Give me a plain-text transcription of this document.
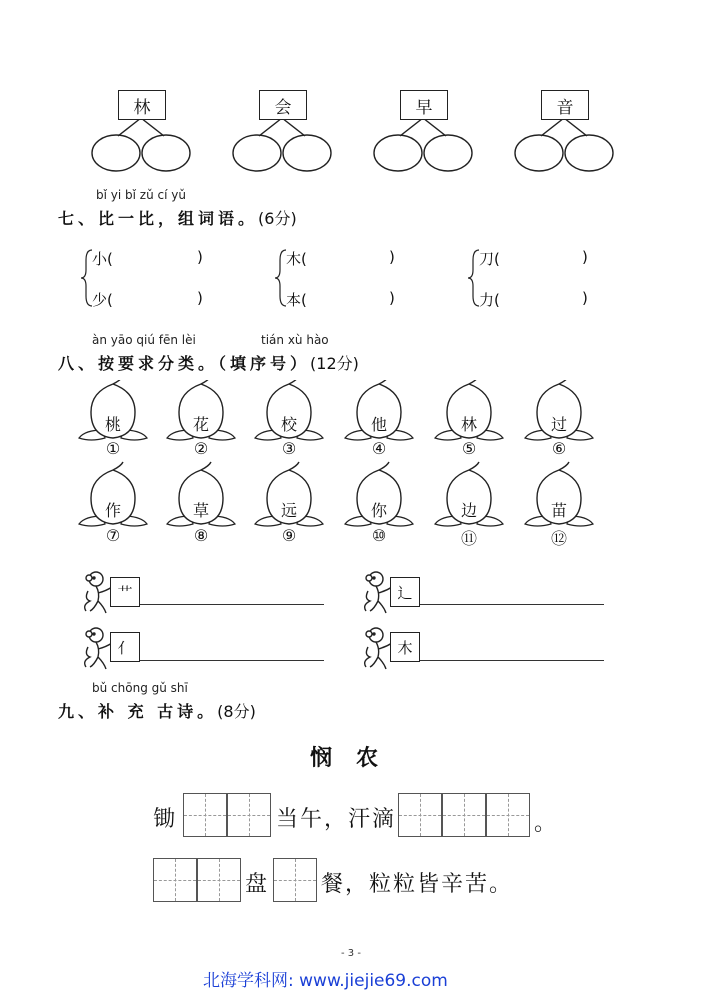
林	会	早	音
bǐ yi bǐ zǔ cí yǔ
七、比一比，组词语。(6分)
小(	)
少(	)
木(	)
本(	)
刀(	)
力(	)
àn yāo qiú fēn lèi	tián xù hào
八、按要求分类。（填序号）(12分)
桃	花	校	他	林	过
①	②	③	④	⑤	⑥
作	草	远	你	边	苗
⑦	⑧	⑨	⑩	⑪	⑫
艹	辶
亻	木
bǔ chōng gǔ shī
九、补 充 古诗。(8分)
悯农
锄	当午，汗滴	。
盘 餐，粒粒皆辛苦。
- 3 -
北海学科网: www.jiejie69.com
